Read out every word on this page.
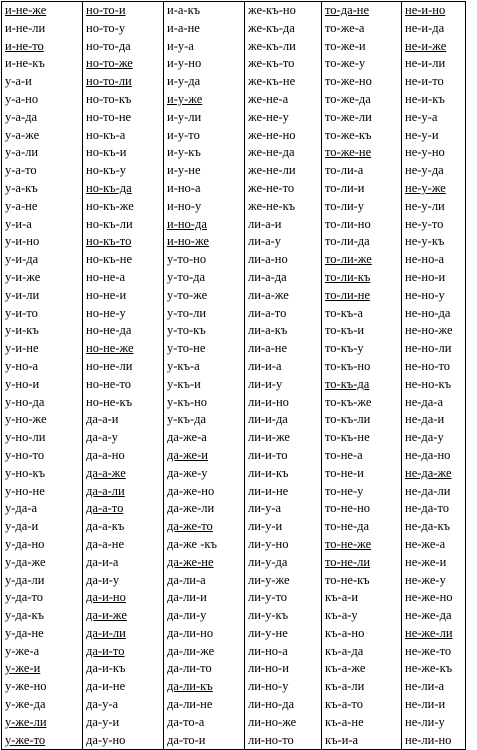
и-не-же	но-то-и	и-а-къ	же-къ-но	то-да-не	не-и-но
и-не-ли	но-то-у	и-а-не	же-къ-да	то-же-а	не-и-да
и-не-то	но-то-да	и-у-а	же-къ-ли	то-же-и	не-и-же
и-не-къ	но-то-же	и-у-но	же-къ-то	то-же-у	не-и-ли
у-а-и	но-то-ли	и-у-да	же-къ-не	то-же-но	не-и-то
у-а-но	но-то-къ	и-у-же	же-не-а	то-же-да	не-и-къ
у-а-да	но-то-не	и-у-ли	же-не-у	то-же-ли	не-у-а
у-а-же	но-къ-а	и-у-то	же-не-но	то-же-къ	не-у-и
у-а-ли	но-къ-и	и-у-къ	же-не-да	то-же-не	не-у-но
у-а-то	но-къ-у	и-у-не	же-не-ли	то-ли-а	не-у-да
у-а-къ	но-къ-да	и-но-а	же-не-то	то-ли-и	не-у-же
у-а-не	но-къ-же	и-но-у	же-не-къ	то-ли-у	не-у-ли
у-и-а	но-къ-ли	и-но-да	ли-а-и	то-ли-но	не-у-то
у-и-но	но-къ-то	и-но-же	ли-а-у	то-ли-да	не-у-къ
у-и-да	но-къ-не	у-то-но	ли-а-но	то-ли-же	не-но-а
у-и-же	но-не-а	у-то-да	ли-а-да	то-ли-къ	не-но-и
у-и-ли	но-не-и	у-то-же	ли-а-же	то-ли-не	не-но-у
у-и-то	но-не-у	у-то-ли	ли-а-то	то-къ-а	не-но-да
у-и-къ	но-не-да	у-то-къ	ли-а-къ	то-къ-и	не-но-же
у-и-не	но-не-же	у-то-не	ли-а-не	то-къ-у	не-но-ли
у-но-а	но-не-ли	у-къ-а	ли-и-а	то-къ-но	не-но-то
у-но-и	но-не-то	у-къ-и	ли-и-у	то-къ-да	не-но-къ
у-но-да	но-не-къ	у-къ-но	ли-и-но	то-къ-же	не-да-а
у-но-же	да-а-и	у-къ-да	ли-и-да	то-къ-ли	не-да-и
у-но-ли	да-а-у	да-же-а	ли-и-же	то-къ-не	не-да-у
у-но-то	да-а-но	да-же-и	ли-и-то	то-не-а	не-да-но
у-но-къ	да-а-же	да-же-у	ли-и-къ	то-не-и	не-да-же
у-но-не	да-а-ли	да-же-но	ли-и-не	то-не-у	не-да-ли
у-да-а	да-а-то	да-же-ли	ли-у-а	то-не-но	не-да-то
у-да-и	да-а-къ	да-же-то	ли-у-и	то-не-да	не-да-къ
у-да-но	да-а-не	да-же -къ	ли-у-но	то-не-же	не-же-а
у-да-же	да-и-а	да-же-не	ли-у-да	то-не-ли	не-же-и
у-да-ли	да-и-у	да-ли-а	ли-у-же	то-не-къ	не-же-у
у-да-то	да-и-но	да-ли-и	ли-у-то	къ-а-и	не-же-но
у-да-къ	да-и-же	да-ли-у	ли-у-къ	къ-а-у	не-же-да
у-да-не	да-и-ли	да-ли-но	ли-у-не	къ-а-но	не-же-ли
у-же-а	да-и-то	да-ли-же	ли-но-а	къ-а-да	не-же-то
у-же-и	да-и-къ	да-ли-то	ли-но-и	къ-а-же	не-же-къ
у-же-но	да-и-не	да-ли-къ	ли-но-у	къ-а-ли	не-ли-а
у-же-да	да-у-а	да-ли-не	ли-но-да	къ-а-то	не-ли-и
у-же-ли	да-у-и	да-то-а	ли-но-же	къ-а-не	не-ли-у
у-же-то	да-у-но	да-то-и	ли-но-то	къ-и-а	не-ли-но
